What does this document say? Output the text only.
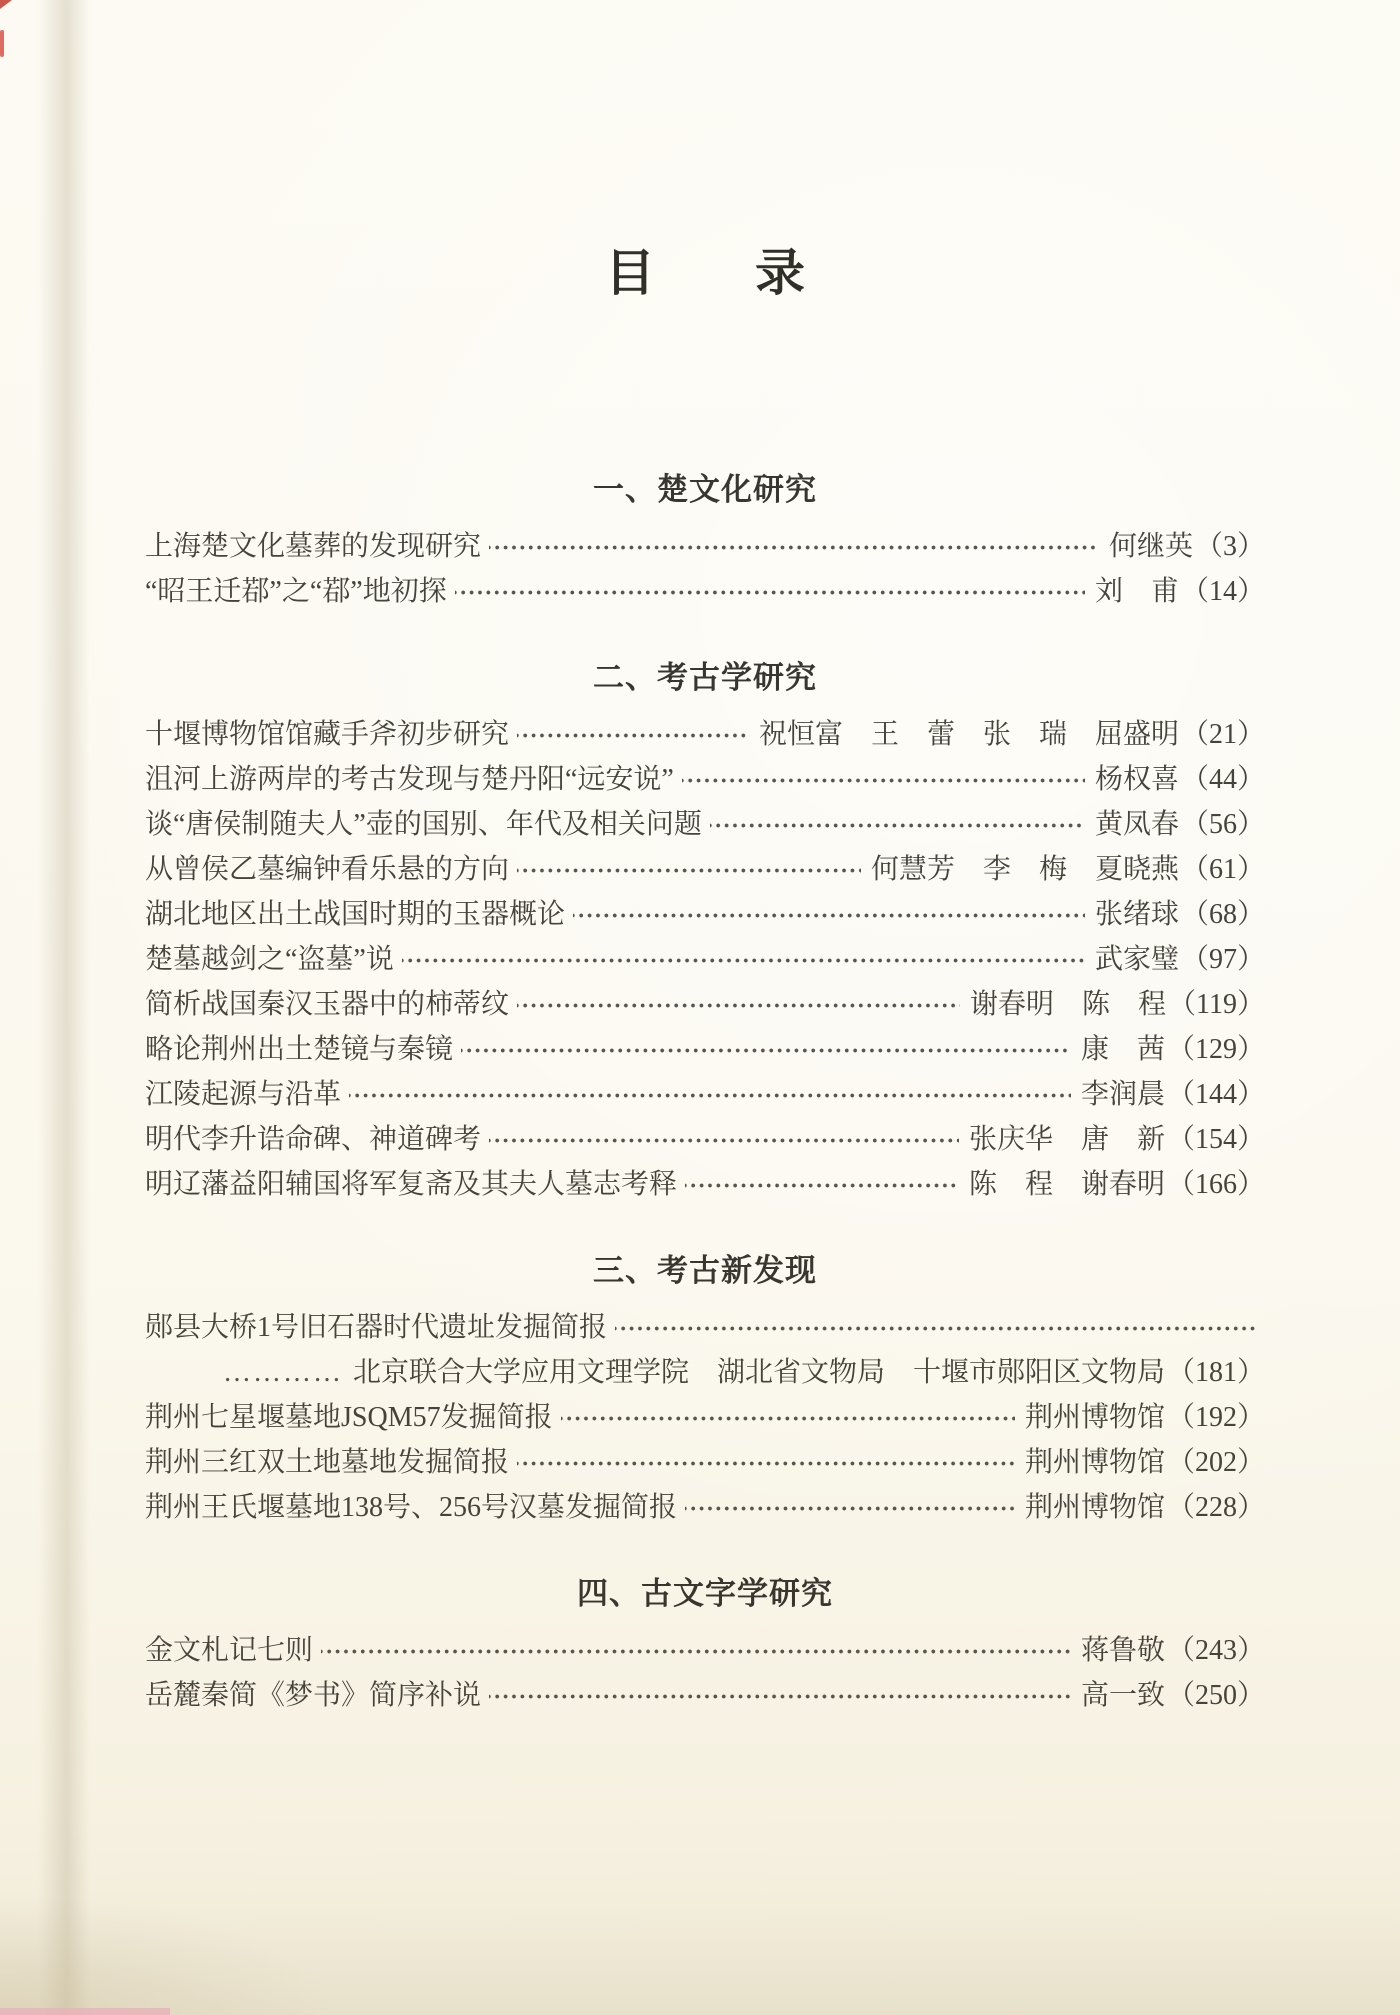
目　　录
一、楚文化研究
上海楚文化墓葬的发现研究	何继英 （3）
“昭王迁鄀”之“鄀”地初探	刘　甫 （14）
二、考古学研究
十堰博物馆馆藏手斧初步研究	祝恒富　王　蕾　张　瑞　屈盛明 （21）
沮河上游两岸的考古发现与楚丹阳“远安说”	杨权喜 （44）
谈“唐侯制随夫人”壶的国别、年代及相关问题	黄凤春 （56）
从曾侯乙墓编钟看乐悬的方向	何慧芳　李　梅　夏晓燕 （61）
湖北地区出土战国时期的玉器概论	张绪球 （68）
楚墓越剑之“盗墓”说	武家璧 （97）
简析战国秦汉玉器中的柿蒂纹	谢春明　陈　程 （119）
略论荆州出土楚镜与秦镜	康　茜 （129）
江陵起源与沿革	李润晨 （144）
明代李升诰命碑、神道碑考	张庆华　唐　新 （154）
明辽藩益阳辅国将军复斋及其夫人墓志考释	陈　程　谢春明 （166）
三、考古新发现
郧县大桥1号旧石器时代遗址发掘简报
………… 北京联合大学应用文理学院　湖北省文物局　十堰市郧阳区文物局 （181）
荆州七星堰墓地JSQM57发掘简报	荆州博物馆 （192）
荆州三红双土地墓地发掘简报	荆州博物馆 （202）
荆州王氏堰墓地138号、256号汉墓发掘简报	荆州博物馆 （228）
四、古文字学研究
金文札记七则	蒋鲁敬 （243）
岳麓秦简《梦书》简序补说	高一致 （250）
